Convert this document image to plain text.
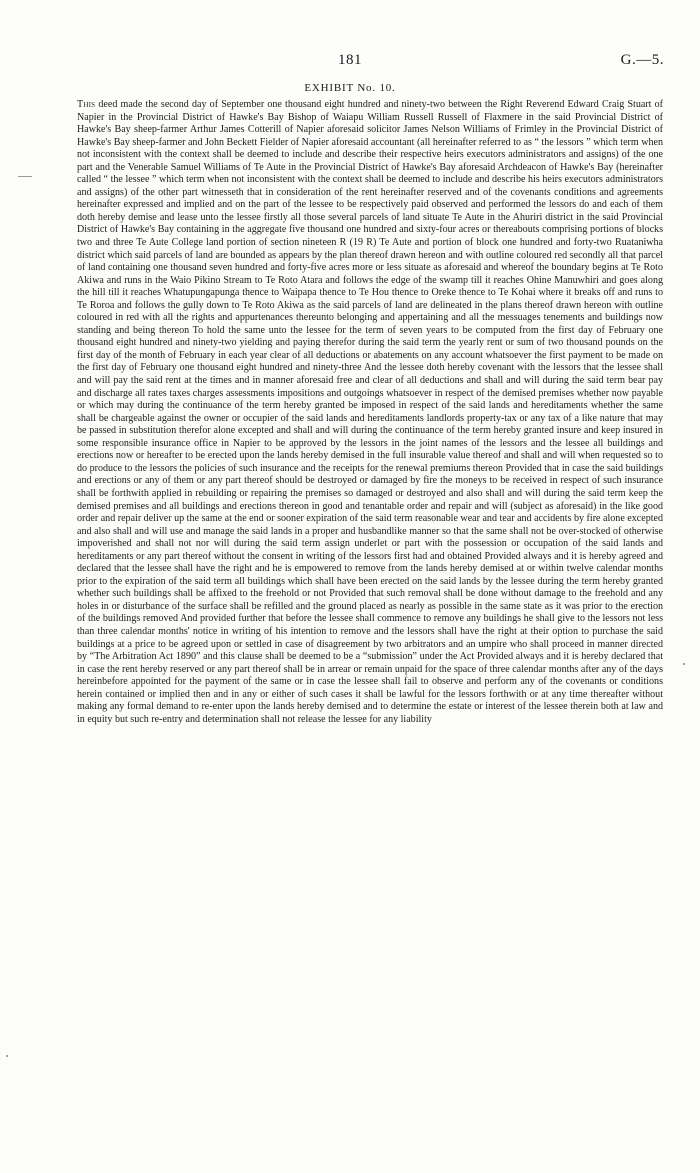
181	G.—5.
EXHIBIT No. 10.
This deed made the second day of September one thousand eight hundred and ninety-two between the Right Reverend Edward Craig Stuart of Napier in the Provincial District of Hawke's Bay Bishop of Waiapu William Russell Russell of Flaxmere in the said Provincial District of Hawke's Bay sheep-farmer Arthur James Cotterill of Napier aforesaid solicitor James Nelson Williams of Frimley in the Provincial District of Hawke's Bay sheep-farmer and John Beckett Fielder of Napier aforesaid accountant (all hereinafter referred to as “ the lessors ” which term when not inconsistent with the context shall be deemed to include and describe their respective heirs executors administrators and assigns) of the one part and the Venerable Samuel Williams of Te Aute in the Provincial District of Hawke's Bay aforesaid Archdeacon of Hawke's Bay (hereinafter called “ the lessee ” which term when not inconsistent with the context shall be deemed to include and describe his heirs executors administrators and assigns) of the other part witnesseth that in consideration of the rent hereinafter reserved and of the covenants conditions and agreements hereinafter expressed and implied and on the part of the lessee to be respectively paid observed and performed the lessors do and each of them doth hereby demise and lease unto the lessee firstly all those several parcels of land situate Te Aute in the Ahuriri district in the said Provincial District of Hawke's Bay containing in the aggregate five thousand one hundred and sixty-four acres or thereabouts comprising portions of blocks two and three Te Aute College land portion of section nineteen R (19 R) Te Aute and portion of block one hundred and forty-two Ruataniwha district which said parcels of land are bounded as appears by the plan thereof drawn hereon and with outline coloured red secondly all that parcel of land containing one thousand seven hundred and forty-five acres more or less situate as aforesaid and whereof the boundary begins at Te Roto Akiwa and runs in the Waio Pikino Stream to Te Roto Atara and follows the edge of the swamp till it reaches Ohine Manuwhiri and goes along the hill till it reaches Whatupungapunga thence to Waipapa thence to Te Hou thence to Oreke thence to Te Kohai where it breaks off and runs to Te Roroa and follows the gully down to Te Roto Akiwa as the said parcels of land are delineated in the plans thereof drawn hereon with outline coloured in red with all the rights and appurtenances thereunto belonging and appertaining and all the messuages tenements and buildings now standing and being thereon To hold the same unto the lessee for the term of seven years to be computed from the first day of February one thousand eight hundred and ninety-two yielding and paying therefor during the said term the yearly rent or sum of two thousand pounds on the first day of the month of February in each year clear of all deductions or abatements on any account whatsoever the first payment to be made on the first day of February one thousand eight hundred and ninety-three And the lessee doth hereby covenant with the lessors that the lessee shall and will pay the said rent at the times and in manner aforesaid free and clear of all deductions and shall and will during the said term bear pay and discharge all rates taxes charges assessments impositions and outgoings whatsoever in respect of the demised premises whether now payable or which may during the continuance of the term hereby granted be imposed in respect of the said lands and hereditaments whether the same shall be chargeable against the owner or occupier of the said lands and hereditaments landlords property-tax or any tax of a like nature that may be passed in substitution therefor alone excepted and shall and will during the continuance of the term hereby granted insure and keep insured in some responsible insurance office in Napier to be approved by the lessors in the joint names of the lessors and the lessee all buildings and erections now or hereafter to be erected upon the lands hereby demised in the full insurable value thereof and shall and will when requested so to do produce to the lessors the policies of such insurance and the receipts for the renewal premiums thereon Provided that in case the said buildings and erections or any of them or any part thereof should be destroyed or damaged by fire the moneys to be received in respect of such insurance shall be forthwith applied in rebuilding or repairing the premises so damaged or destroyed and also shall and will during the said term keep the demised premises and all buildings and erections thereon in good and tenantable order and repair and will (subject as aforesaid) in the like good order and repair deliver up the same at the end or sooner expiration of the said term reasonable wear and tear and accidents by fire alone excepted and also shall and will use and manage the said lands in a proper and husbandlike manner so that the same shall not be over-stocked of otherwise impoverished and shall not nor will during the said term assign underlet or part with the possession or occupation of the said lands and hereditaments or any part thereof without the consent in writing of the lessors first had and obtained Provided always and it is hereby agreed and declared that the lessee shall have the right and he is empowered to remove from the lands hereby demised at or within twelve calendar months prior to the expiration of the said term all buildings which shall have been erected on the said lands by the lessee during the term hereby granted whether such buildings shall be affixed to the freehold or not Provided that such removal shall be done without damage to the freehold and any holes in or disturbance of the surface shall be refilled and the ground placed as nearly as possible in the same state as it was prior to the erection of the buildings removed And provided further that before the lessee shall commence to remove any buildings he shall give to the lessors not less than three calendar months' notice in writing of his intention to remove and the lessors shall have the right at their option to purchase the said buildings at a price to be agreed upon or settled in case of disagreement by two arbitrators and an umpire who shall proceed in manner directed by “The Arbitration Act 1890” and this clause shall be deemed to be a “submission” under the Act Provided always and it is hereby declared that in case the rent hereby reserved or any part thereof shall be in arrear or remain unpaid for the space of three calendar months after any of the days hereinbefore appointed for the payment of the same or in case the lessee shall fail to observe and perform any of the covenants or conditions herein contained or implied then and in any or either of such cases it shall be lawful for the lessors forthwith or at any time thereafter without making any formal demand to re-enter upon the lands hereby demised and to determine the estate or interest of the lessee therein both at law and in equity but such re-entry and determination shall not release the lessee for any liability
